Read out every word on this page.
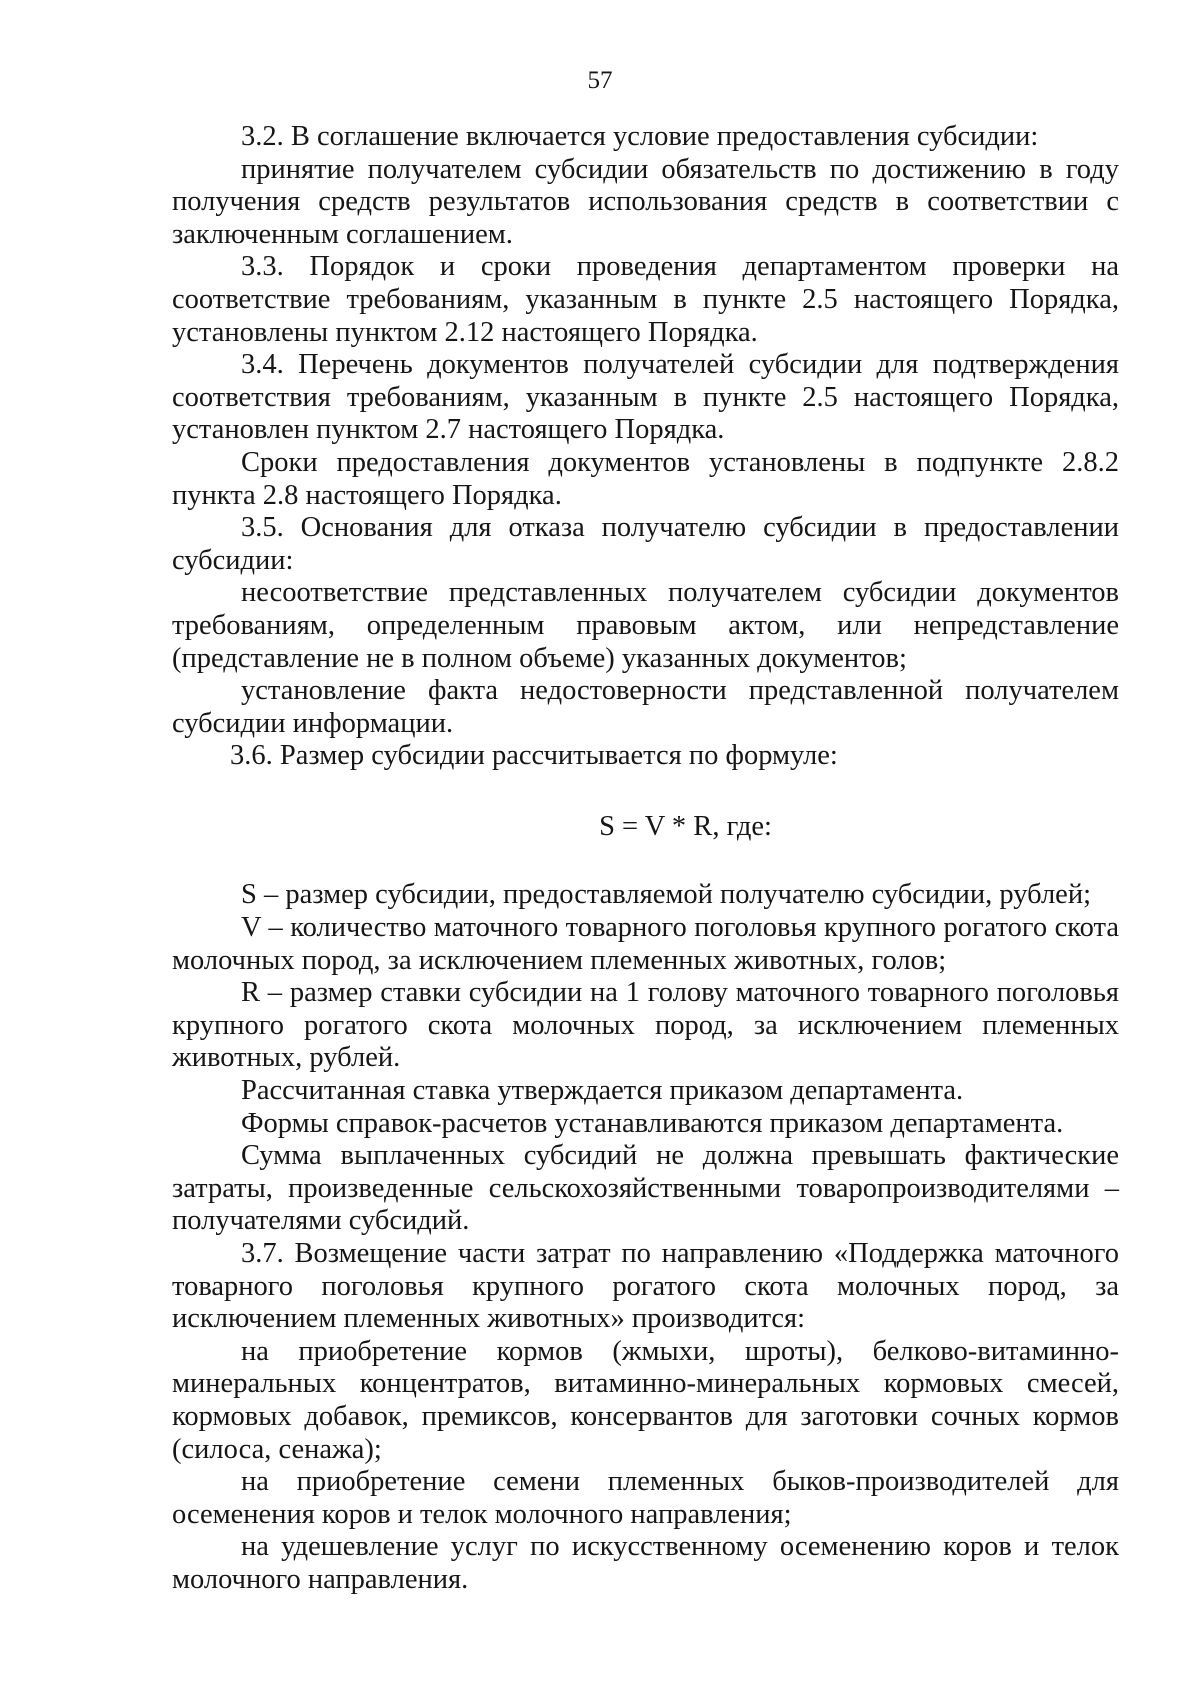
57

3.2. В соглашение включается условие предоставления субсидии:

принятие получателем субсидии обязательств по достижению в году получения средств результатов использования средств в соответствии с заключенным соглашением.

3.3. Порядок и сроки проведения департаментом проверки на соответствие требованиям, указанным в пункте 2.5 настоящего Порядка, установлены пунктом 2.12 настоящего Порядка.

3.4. Перечень документов получателей субсидии для подтверждения соответствия требованиям, указанным в пункте 2.5 настоящего Порядка, установлен пунктом 2.7 настоящего Порядка.

Сроки предоставления документов установлены в подпункте 2.8.2 пункта 2.8 настоящего Порядка.

3.5. Основания для отказа получателю субсидии в предоставлении субсидии:

несоответствие представленных получателем субсидии документов требованиям, определенным правовым актом, или непредставление (представление не в полном объеме) указанных документов;

установление факта недостоверности представленной получателем субсидии информации.

3.6. Размер субсидии рассчитывается по формуле:

S = V * R, где:

S – размер субсидии, предоставляемой получателю субсидии, рублей;

V – количество маточного товарного поголовья крупного рогатого скота молочных пород, за исключением племенных животных, голов;

R – размер ставки субсидии на 1 голову маточного товарного поголовья крупного рогатого скота молочных пород, за исключением племенных животных, рублей.

Рассчитанная ставка утверждается приказом департамента.

Формы справок-расчетов устанавливаются приказом департамента.

Сумма выплаченных субсидий не должна превышать фактические затраты, произведенные сельскохозяйственными товаропроизводителями – получателями субсидий.

3.7. Возмещение части затрат по направлению «Поддержка маточного товарного поголовья крупного рогатого скота молочных пород, за исключением племенных животных» производится:

на приобретение кормов (жмыхи, шроты), белково-витаминно-минеральных концентратов, витаминно-минеральных кормовых смесей, кормовых добавок, премиксов, консервантов для заготовки сочных кормов (силоса, сенажа);

на приобретение семени племенных быков-производителей для осеменения коров и телок молочного направления;

на удешевление услуг по искусственному осеменению коров и телок молочного направления.
